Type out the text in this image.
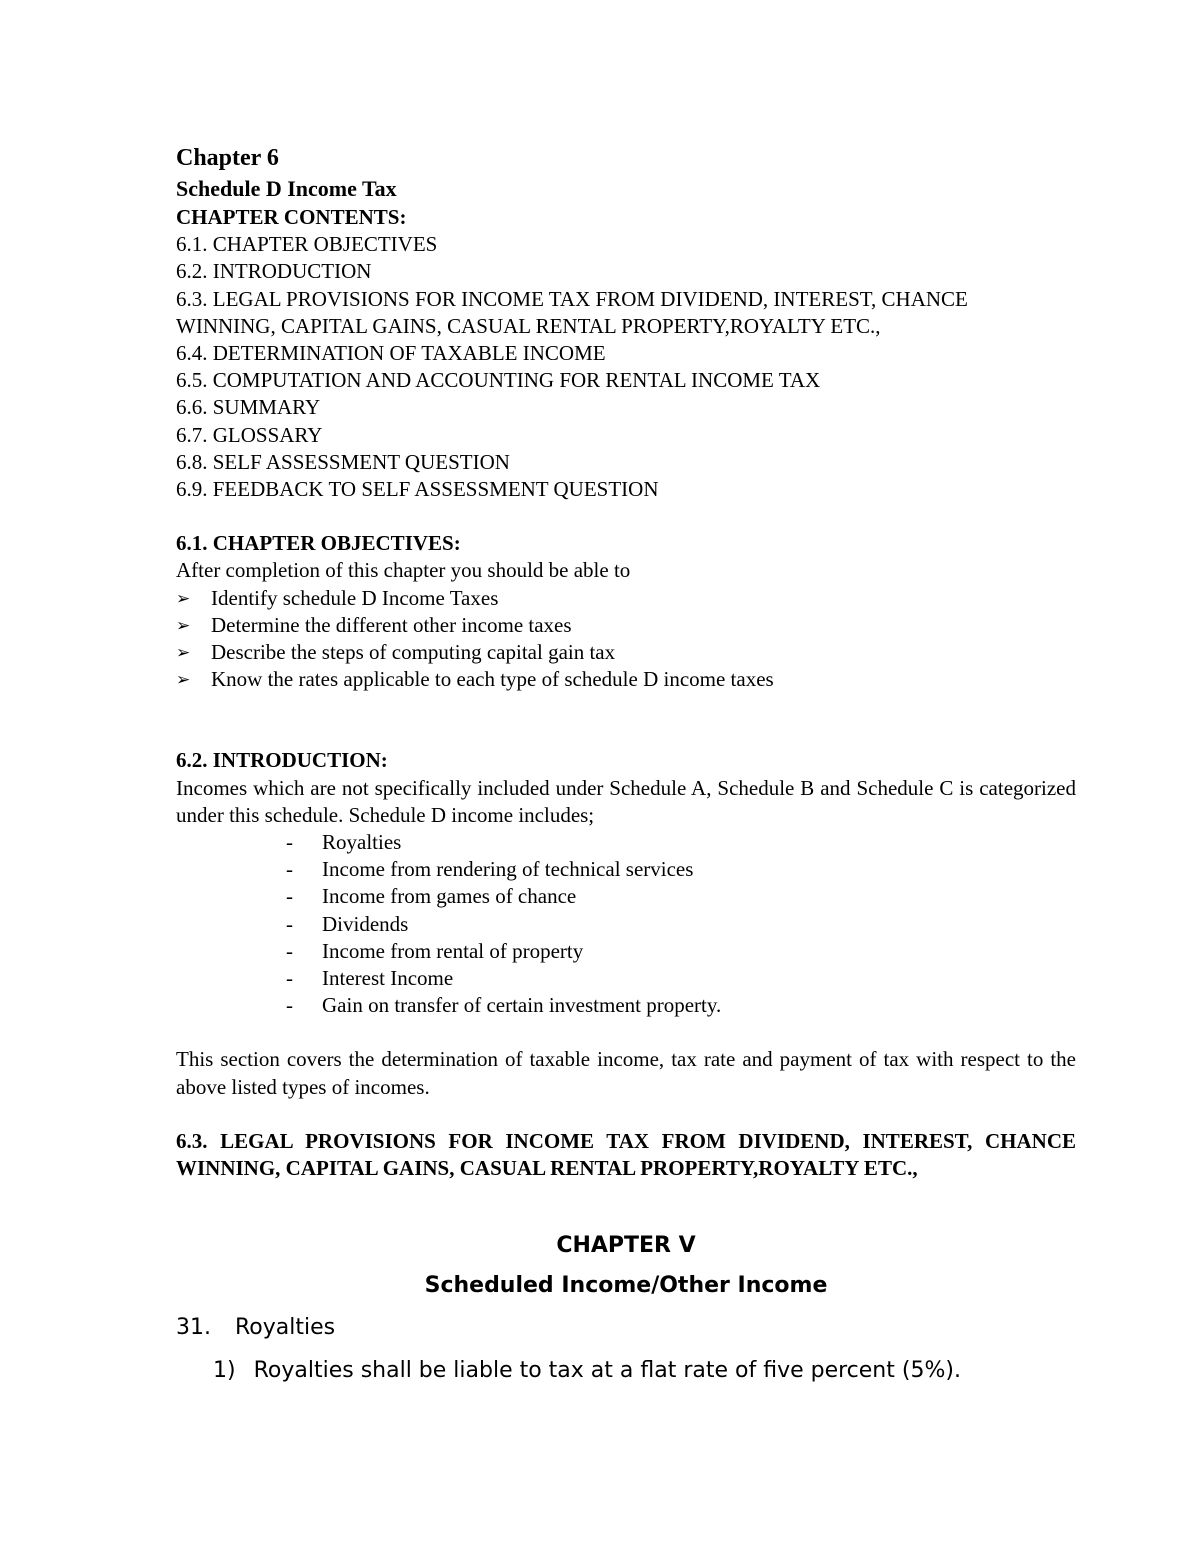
Chapter 6
Schedule D Income Tax
CHAPTER CONTENTS:
6.1. CHAPTER OBJECTIVES
6.2. INTRODUCTION
6.3. LEGAL PROVISIONS FOR INCOME TAX FROM DIVIDEND, INTEREST, CHANCE
WINNING, CAPITAL GAINS, CASUAL RENTAL PROPERTY,ROYALTY ETC.,
6.4. DETERMINATION OF TAXABLE INCOME
6.5. COMPUTATION AND ACCOUNTING FOR RENTAL INCOME TAX
6.6. SUMMARY
6.7. GLOSSARY
6.8. SELF ASSESSMENT QUESTION
6.9. FEEDBACK TO SELF ASSESSMENT QUESTION
6.1. CHAPTER OBJECTIVES:
After completion of this chapter you should be able to
➢ Identify schedule D Income Taxes
➢ Determine the different other income taxes
➢ Describe the steps of computing capital gain tax
➢ Know the rates applicable to each type of schedule D income taxes
6.2. INTRODUCTION:
Incomes which are not specifically included under Schedule A, Schedule B and Schedule C is categorized under this schedule. Schedule D income includes;
- Royalties
- Income from rendering of technical services
- Income from games of chance
- Dividends
- Income from rental of property
- Interest Income
- Gain on transfer of certain investment property.
This section covers the determination of taxable income, tax rate and payment of tax with respect to the above listed types of incomes.
6.3. LEGAL PROVISIONS FOR INCOME TAX FROM DIVIDEND, INTEREST, CHANCE WINNING, CAPITAL GAINS, CASUAL RENTAL PROPERTY,ROYALTY ETC.,
CHAPTER V
Scheduled Income/Other Income
31. Royalties
1) Royalties shall be liable to tax at a flat rate of five percent (5%).
